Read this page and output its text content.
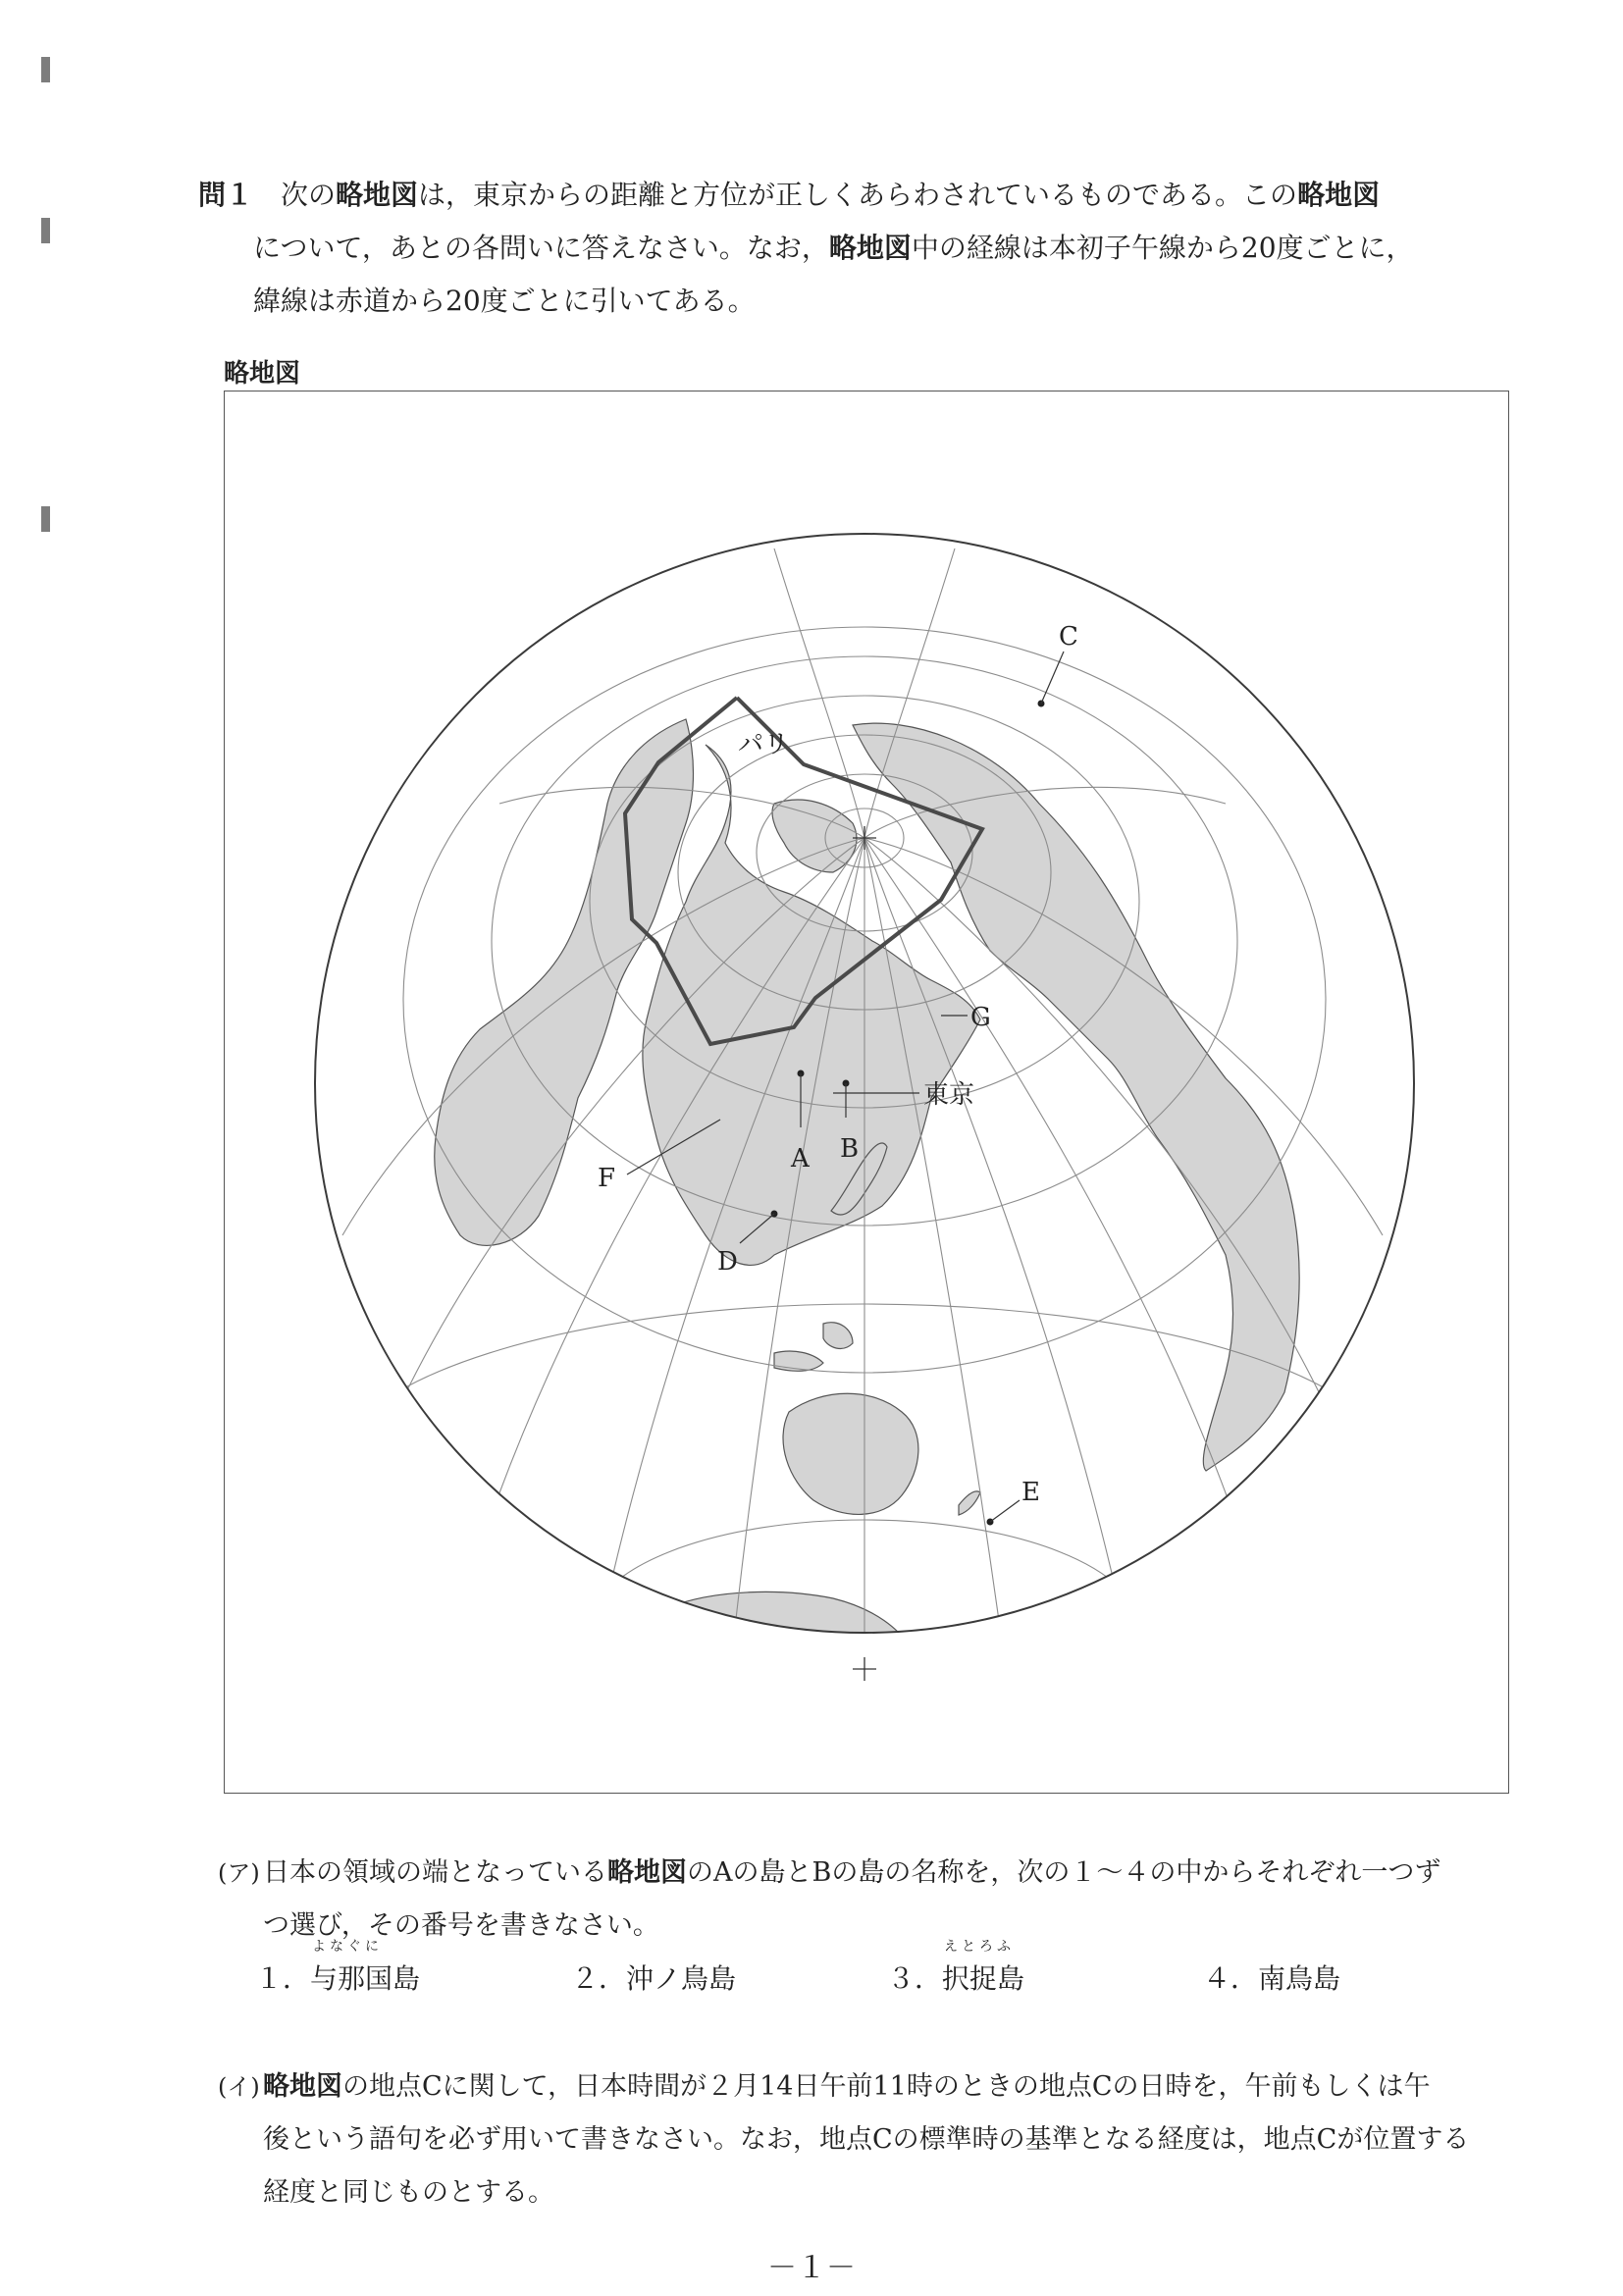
問１ 次の略地図は，東京からの距離と方位が正しくあらわされているものである。この略地図
について，あとの各問いに答えなさい。なお，略地図中の経線は本初子午線から20度ごとに，
緯線は赤道から20度ごとに引いてある。
略地図
パリ
東京
A B
C
D
E
F
G
(ア) 日本の領域の端となっている略地図のAの島とBの島の名称を，次の１～４の中からそれぞれ一つず
つ選び，その番号を書きなさい。
よなぐに
１．与那国島	２．沖ノ鳥島
えとろふ
３．択捉島	４．南鳥島
(イ) 略地図の地点Cに関して，日本時間が２月14日午前11時のときの地点Cの日時を，午前もしくは午
後という語句を必ず用いて書きなさい。なお，地点Cの標準時の基準となる経度は，地点Cが位置する
経度と同じものとする。
－１－
